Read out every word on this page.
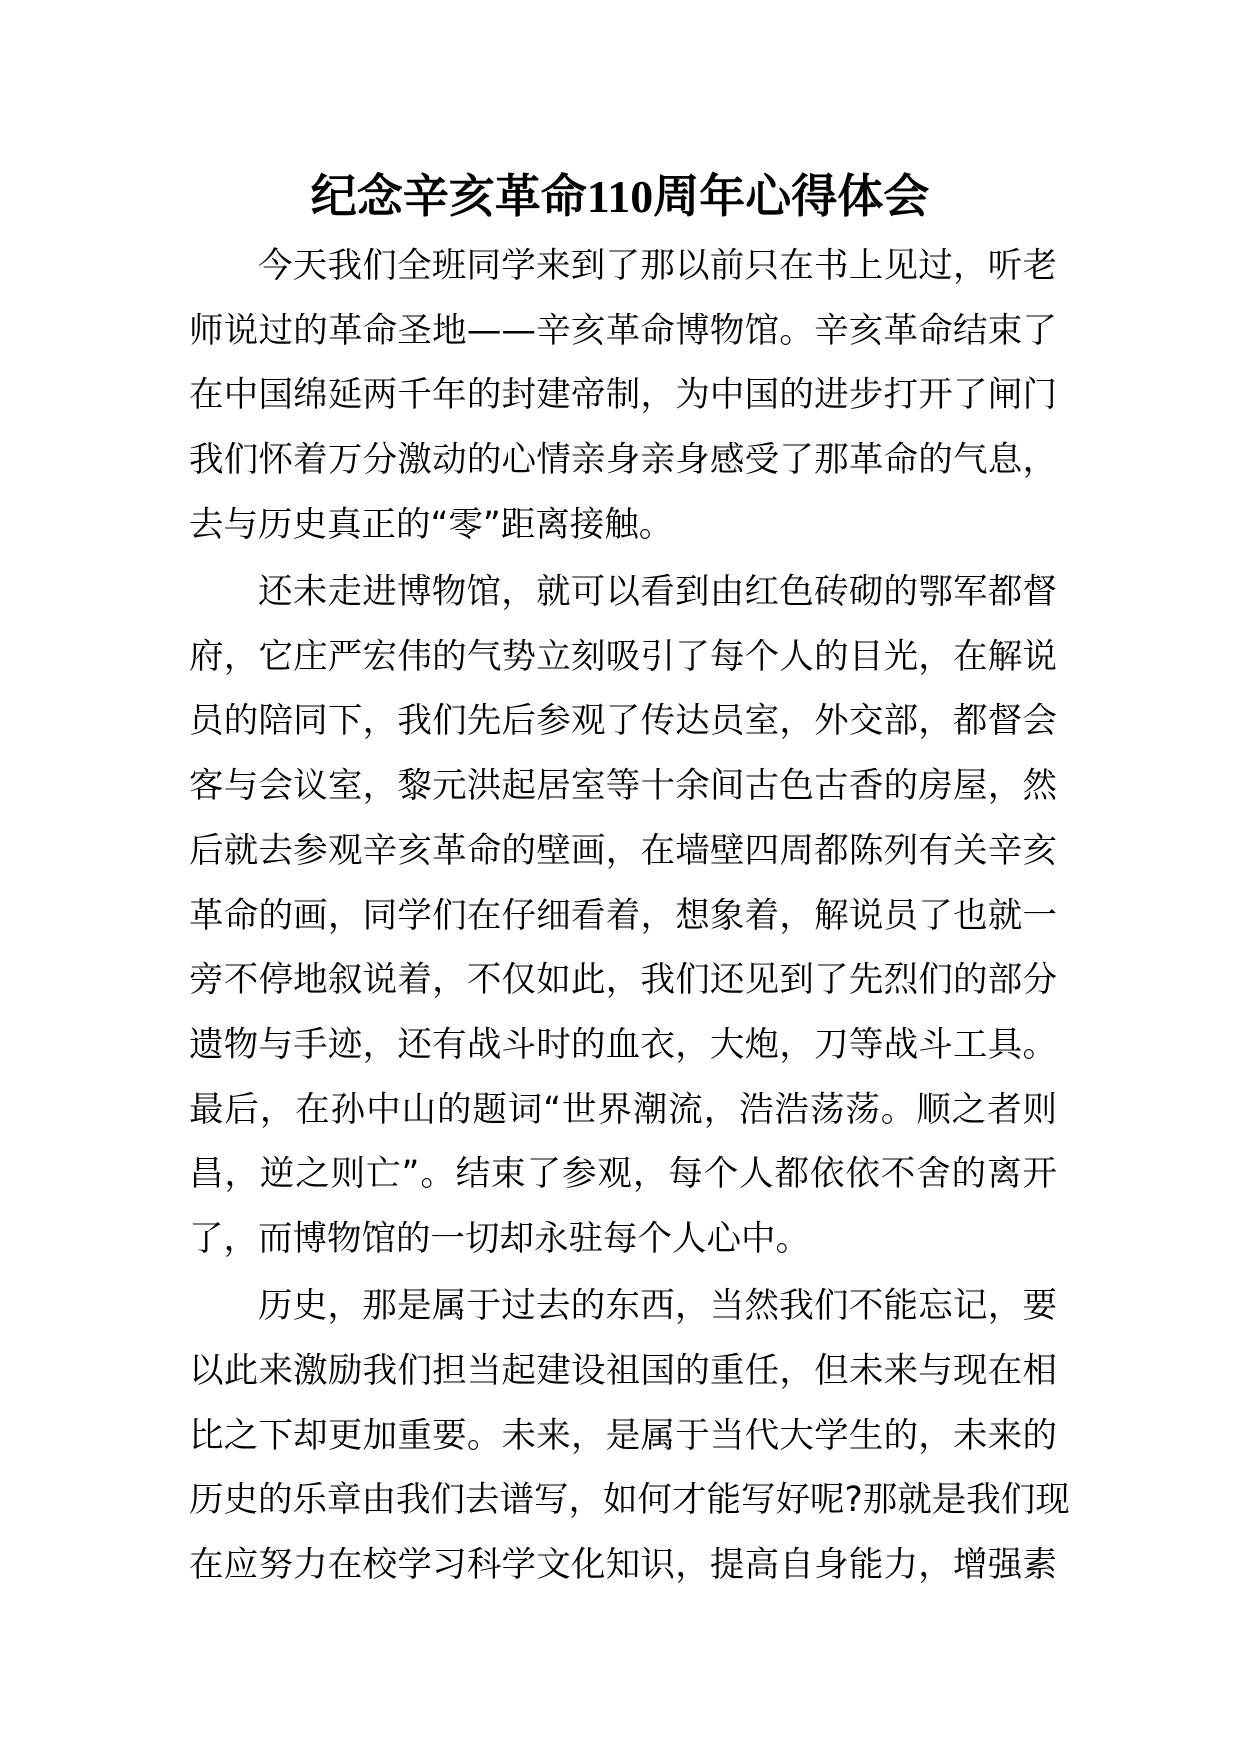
纪念辛亥革命110周年心得体会
今天我们全班同学来到了那以前只在书上见过，听老
师说过的革命圣地——辛亥革命博物馆。辛亥革命结束了
在中国绵延两千年的封建帝制，为中国的进步打开了闸门
我们怀着万分激动的心情亲身亲身感受了那革命的气息，
去与历史真正的“零”距离接触。
还未走进博物馆，就可以看到由红色砖砌的鄂军都督
府，它庄严宏伟的气势立刻吸引了每个人的目光，在解说
员的陪同下，我们先后参观了传达员室，外交部，都督会
客与会议室，黎元洪起居室等十余间古色古香的房屋，然
后就去参观辛亥革命的壁画，在墙壁四周都陈列有关辛亥
革命的画，同学们在仔细看着，想象着，解说员了也就一
旁不停地叙说着，不仅如此，我们还见到了先烈们的部分
遗物与手迹，还有战斗时的血衣，大炮，刀等战斗工具。
最后，在孙中山的题词“世界潮流，浩浩荡荡。顺之者则
昌，逆之则亡”。结束了参观，每个人都依依不舍的离开
了，而博物馆的一切却永驻每个人心中。
历史，那是属于过去的东西，当然我们不能忘记，要
以此来激励我们担当起建设祖国的重任，但未来与现在相
比之下却更加重要。未来，是属于当代大学生的，未来的
历史的乐章由我们去谱写，如何才能写好呢?那就是我们现
在应努力在校学习科学文化知识，提高自身能力，增强素
